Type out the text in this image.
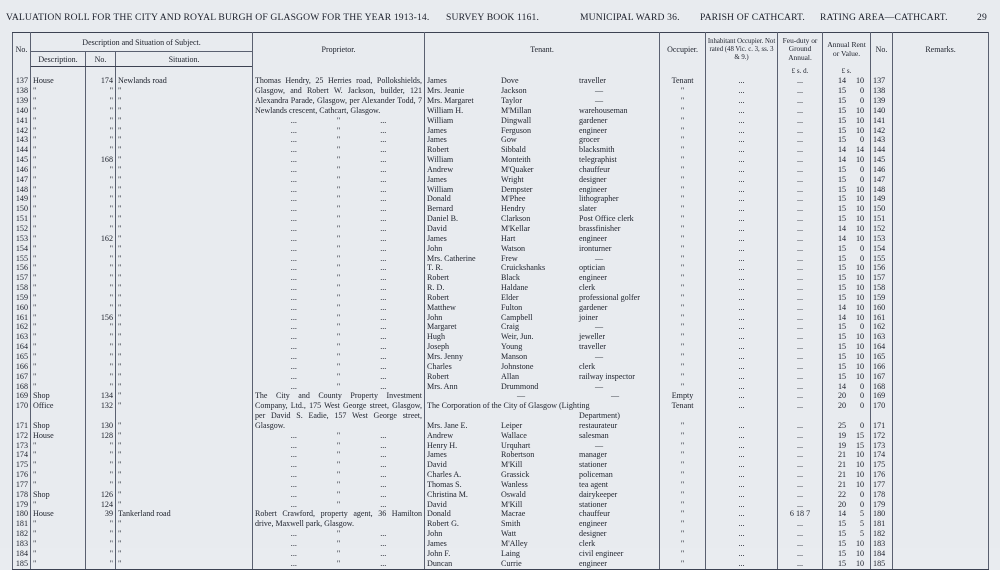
VALUATION ROLL FOR THE CITY AND ROYAL BURGH OF GLASGOW FOR THE YEAR 1913-14. SURVEY BOOK 1161.	MUNICIPAL WARD 36. PARISH OF CATHCART. RATING AREA—CATHCART.	29
No.	Description and Situation of Subject.			Proprietor.	Tenant.	Occupier.	Inhabitant Occupier. Not rated (48 Vic. c. 3, ss. 3 & 9.)	Feu-duty or Ground Annual.	Annual Rent or Value.	No.	Remarks.
	Description.	No.	Situation.								
								£ s. d.	£ s.		
137	House	174	Newlands road	Thomas Hendry, 25 Herries road, Pollokshields, Glasgow, and Robert W. Jackson, builder, 121 Alexandra Parade, Glasgow, per Alexander Todd, 7 Newlands crescent, Cathcart, Glasgow.	James Dove traveller	Tenant	...	...	14 10	137	
138	"	"	"		Mrs. Jeanie Jackson —	"	...	...	15 0	138	
139	"	"	"		Mrs. Margaret Taylor —	"	...	...	15 0	139	
140	"	"	"		William H. M'Millan warehouseman	"	...	...	15 10	140	
141	"	"	"	... " ...	William Dingwall gardener	"	...	...	15 10	141	
142	"	"	"	... " ...	James Ferguson engineer	"	...	...	15 10	142	
143	"	"	"	... " ...	James Gow grocer	"	...	...	15 0	143	
144	"	"	"	... " ...	Robert Sibbald blacksmith	"	...	...	14 14	144	
145	"	168	"	... " ...	William Monteith telegraphist	"	...	...	14 10	145	
146	"	"	"	... " ...	Andrew M'Quaker chauffeur	"	...	...	15 0	146	
147	"	"	"	... " ...	James Wright designer	"	...	...	15 0	147	
148	"	"	"	... " ...	William Dempster engineer	"	...	...	15 10	148	
149	"	"	"	... " ...	Donald M'Phee lithographer	"	...	...	15 10	149	
150	"	"	"	... " ...	Bernard Hendry slater	"	...	...	15 10	150	
151	"	"	"	... " ...	Daniel B. Clarkson Post Office clerk	"	...	...	15 10	151	
152	"	"	"	... " ...	David M'Kellar brassfinisher	"	...	...	14 10	152	
153	"	162	"	... " ...	James Hart engineer	"	...	...	14 10	153	
154	"	"	"	... " ...	John Watson ironturner	"	...	...	15 0	154	
155	"	"	"	... " ...	Mrs. Catherine Frew —	"	...	...	15 0	155	
156	"	"	"	... " ...	T. R. Cruickshanks optician	"	...	...	15 10	156	
157	"	"	"	... " ...	Robert Black engineer	"	...	...	15 10	157	
158	"	"	"	... " ...	R. D. Haldane clerk	"	...	...	15 10	158	
159	"	"	"	... " ...	Robert Elder professional golfer	"	...	...	15 10	159	
160	"	"	"	... " ...	Matthew Fulton gardener	"	...	...	14 10	160	
161	"	156	"	... " ...	John Campbell joiner	"	...	...	14 10	161	
162	"	"	"	... " ...	Margaret Craig —	"	...	...	15 0	162	
163	"	"	"	... " ...	Hugh Weir, Jun. jeweller	"	...	...	15 10	163	
164	"	"	"	... " ...	Joseph Young traveller	"	...	...	15 10	164	
165	"	"	"	... " ...	Mrs. Jenny Manson —	"	...	...	15 10	165	
166	"	"	"	... " ...	Charles Johnstone clerk	"	...	...	15 10	166	
167	"	"	"	... " ...	Robert Allan railway inspector	"	...	...	15 10	167	
168	"	"	"	... " ...	Mrs. Ann Drummond —	"	...	...	14 0	168	
169	Shop	134	"	The City and County Property Investment Company, Ltd., 175 West George street, Glasgow, per David S. Eadie, 157 West George street, Glasgow.	— —	Empty	...	...	20 0	169	
170	Office	132	"		The Corporation of the City of Glasgow (Lighting	Tenant	...	...	20 0	170	
					Department)						
171	Shop	130	"		Mrs. Jane E. Leiper restaurateur	"	...	...	25 0	171	
172	House	128	"	... " ...	Andrew Wallace salesman	"	...	...	19 15	172	
173	"	"	"	... " ...	Henry H. Urquhart —	"	...	...	19 15	173	
174	"	"	"	... " ...	James Robertson manager	"	...	...	21 10	174	
175	"	"	"	... " ...	David M'Kill stationer	"	...	...	21 10	175	
176	"	"	"	... " ...	Charles A. Grassick policeman	"	...	...	21 10	176	
177	"	"	"	... " ...	Thomas S. Wanless tea agent	"	...	...	21 10	177	
178	Shop	126	"	... " ...	Christina M. Oswald dairykeeper	"	...	...	22 0	178	
179	"	124	"	... " ...	David M'Kill stationer	"	...	...	20 0	179	
180	House	39	Tankerland road	Robert Crawford, property agent, 36 Hamilton drive, Maxwell park, Glasgow.	Donald Macrae chauffeur	"	...	6 18 7	14 5	180	
181	"	"	"		Robert G. Smith engineer	"	...	...	15 5	181	
182	"	"	"	... " ...	John Watt designer	"	...	...	15 5	182	
183	"	"	"	... " ...	James M'Alley clerk	"	...	...	15 10	183	
184	"	"	"	... " ...	John F. Laing civil engineer	"	...	...	15 10	184	
185	"	"	"	... " ...	Duncan Currie engineer	"	...	...	15 10	185	
